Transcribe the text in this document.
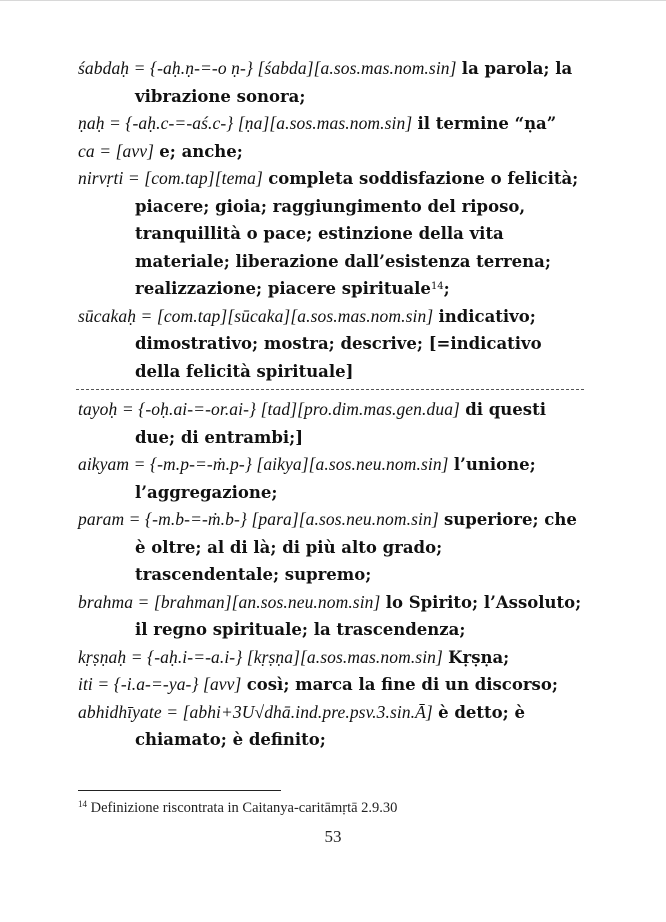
śabdaḥ = {-aḥ.ṇ-=-o ṇ-} [śabda][a.sos.mas.nom.sin] la parola; la vibrazione sonora;

ṇaḥ = {-aḥ.c-=-aś.c-} [ṇa][a.sos.mas.nom.sin] il termine “ṇa”

ca = [avv] e; anche;

nirvṛti = [com.tap][tema] completa soddisfazione o felicità; piacere; gioia; raggiungimento del riposo, tranquillità o pace; estinzione della vita materiale; liberazione dall’esistenza terrena; realizzazione; piacere spirituale$^{14}$;

sūcakaḥ = [com.tap][sūcaka][a.sos.mas.nom.sin] indicativo; dimostrativo; mostra; descrive; [=indicativo della felicità spirituale]

tayoḥ = {-oḥ.ai-=-or.ai-} [tad][pro.dim.mas.gen.dua] di questi due; di entrambi;]

aikyam = {-m.p-=-ṁ.p-} [aikya][a.sos.neu.nom.sin] l’unione; l’aggregazione;

param = {-m.b-=-ṁ.b-} [para][a.sos.neu.nom.sin] superiore; che è oltre; al di là; di più alto grado; trascendentale; supremo;

brahma = [brahman][an.sos.neu.nom.sin] lo Spirito; l’Assoluto; il regno spirituale; la trascendenza;

kṛṣṇaḥ = {-aḥ.i-=-a.i-} [kṛṣṇa][a.sos.mas.nom.sin] Kṛṣṇa;

iti = {-i.a-=-ya-} [avv] così; marca la fine di un discorso;

abhidhīyate = [abhi+3U√dhā.ind.pre.psv.3.sin.Ā] è detto; è chiamato; è definito;

$^{14}$ Definizione riscontrata in Caitanya-caritāmṛtā 2.9.30
53
